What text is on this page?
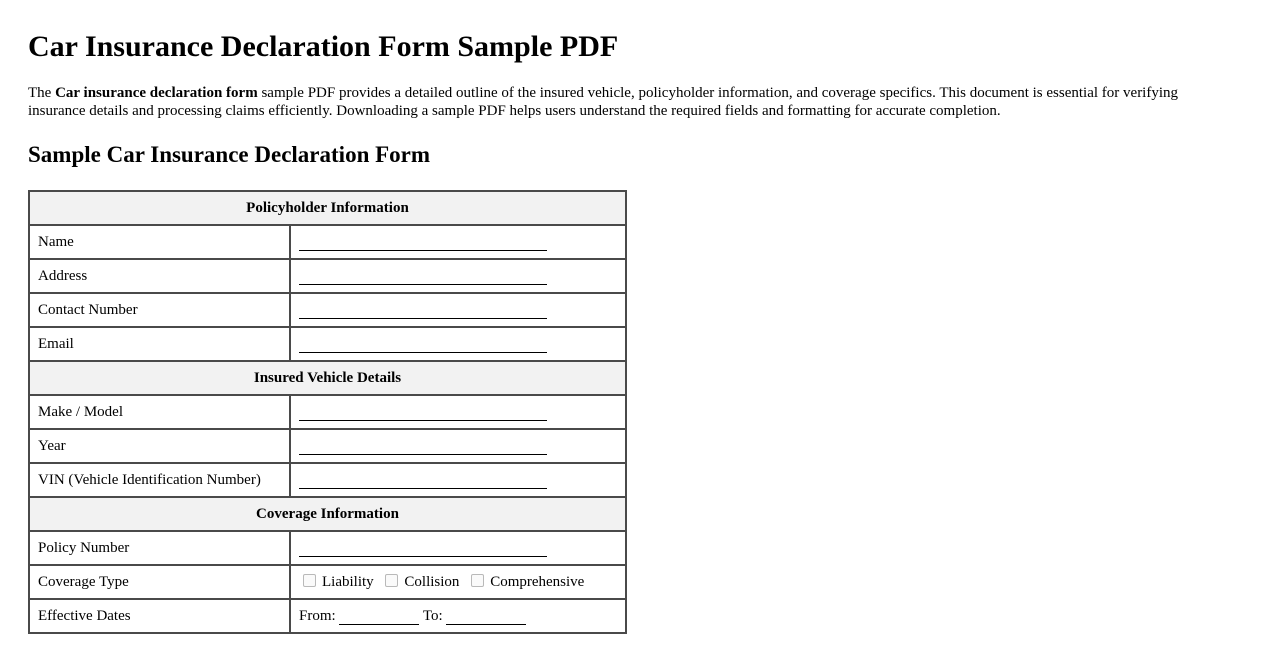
Car Insurance Declaration Form Sample PDF

The Car insurance declaration form sample PDF provides a detailed outline of the insured vehicle, policyholder information, and coverage specifics. This document is essential for verifying insurance details and processing claims efficiently. Downloading a sample PDF helps users understand the required fields and formatting for accurate completion.

Sample Car Insurance Declaration Form
Policyholder Information	
Name	
Address	
Contact Number	
Email	
Insured Vehicle Details	
Make / Model	
Year	
VIN (Vehicle Identification Number)	
Coverage Information	
Policy Number	
Coverage Type	Liability Collision Comprehensive
Effective Dates	From: To:
